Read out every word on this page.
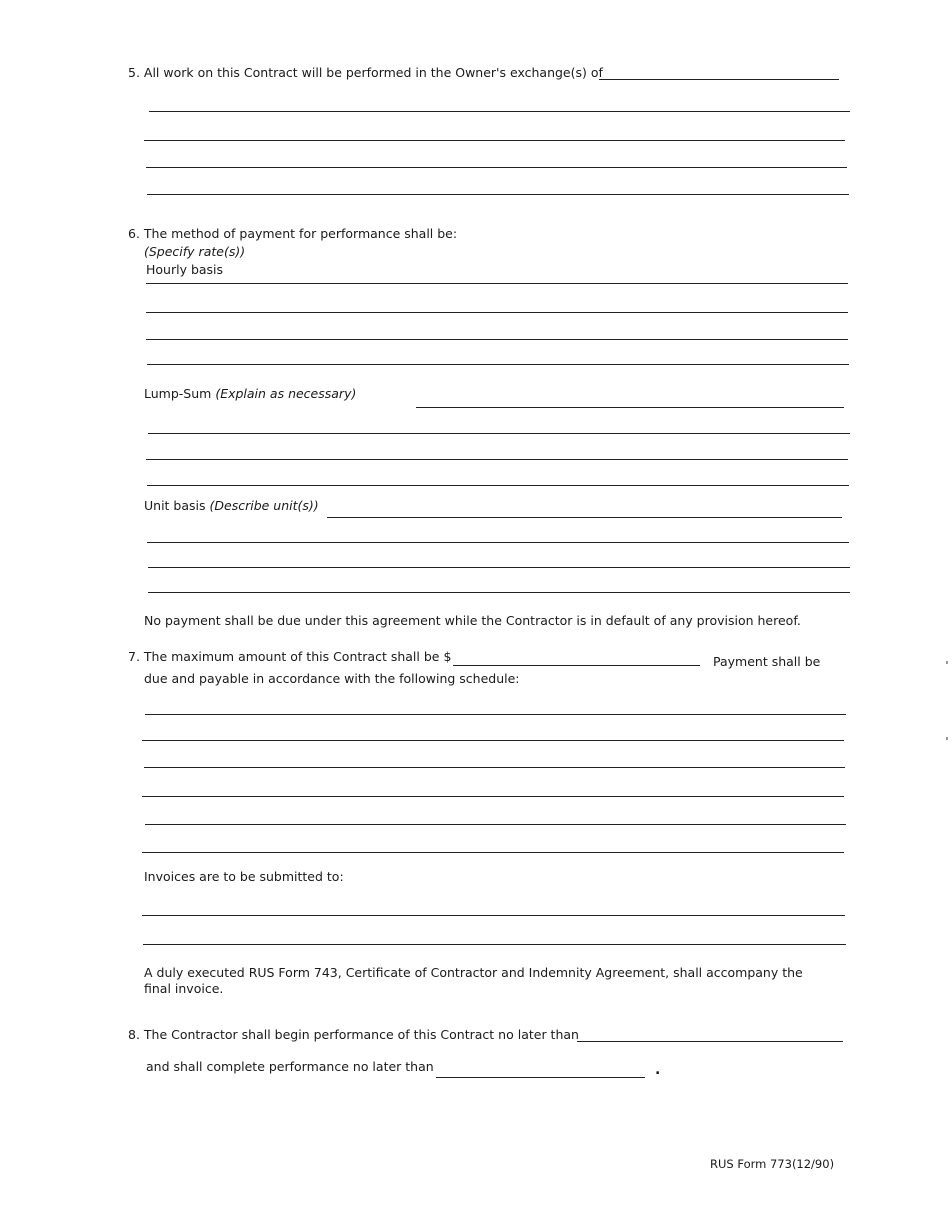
5. All work on this Contract will be performed in the Owner's exchange(s) of
6. The method of payment for performance shall be:
(Specify rate(s))
Hourly basis
Lump-Sum (Explain as necessary)
Unit basis (Describe unit(s))
No payment shall be due under this agreement while the Contractor is in default of any provision hereof.
7. The maximum amount of this Contract shall be $	Payment shall be
due and payable in accordance with the following schedule:
Invoices are to be submitted to:
A duly executed RUS Form 743, Certificate of Contractor and Indemnity Agreement, shall accompany the
final invoice.
8. The Contractor shall begin performance of this Contract no later than
and shall complete performance no later than	.
RUS Form 773(12/90)
